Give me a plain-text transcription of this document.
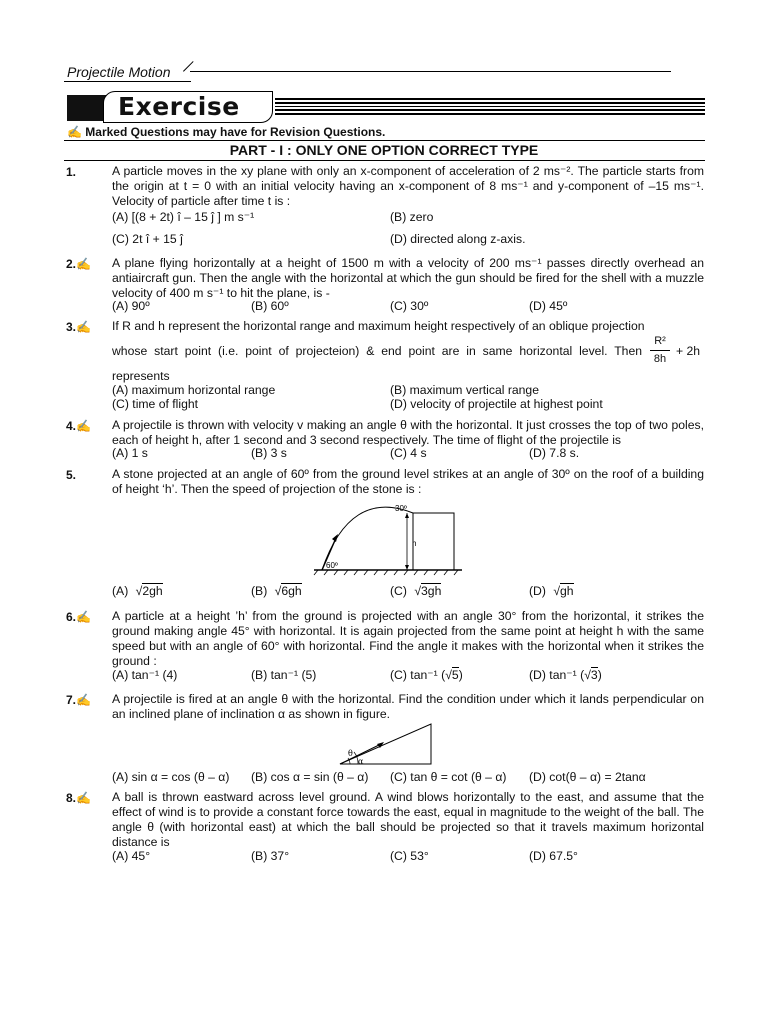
Projectile Motion
Exercise
✍ Marked Questions may have for Revision Questions.
PART - I : ONLY ONE OPTION CORRECT TYPE
1.	A particle moves in the xy plane with only an x-component of acceleration of 2 ms⁻². The particle starts from the origin at t = 0 with an initial velocity having an x-component of 8 ms⁻¹ and y-component of –15 ms⁻¹. Velocity of particle after time t is :
(A) [(8 + 2t) î – 15 ĵ ] m s⁻¹	(B) zero
(C) 2t î + 15 ĵ	(D) directed along z-axis.
2.✍ A plane flying horizontally at a height of 1500 m with a velocity of 200 ms⁻¹ passes directly overhead an antiaircraft gun. Then the angle with the horizontal at which the gun should be fired for the shell with a muzzle velocity of 400 m s⁻¹ to hit the plane, is -
(A) 90º	(B) 60º	(C) 30º	(D) 45º
3.✍ If R and h represent the horizontal range and maximum height respectively of an oblique projection
whose start point (i.e. point of projecteion) & end point are in same horizontal level. Then
R²
8h
+ 2h
represents
(A) maximum horizontal range	(B) maximum vertical range
(C) time of flight	(D) velocity of projectile at highest point
4.✍ A projectile is thrown with velocity v making an angle θ with the horizontal. It just crosses the top of two poles, each of height h, after 1 second and 3 second respectively. The time of flight of the projectile is
(A) 1 s	(B) 3 s	(C) 4 s	(D) 7.8 s.
5.	A stone projected at an angle of 60º from the ground level strikes at an angle of 30º on the roof of a building of height ‘h’. Then the speed of projection of the stone is :
h
30º
60º
(A) √2gh	(B) √6gh	(C) √3gh	(D) √gh
6.✍ A particle at a height ’h’ from the ground is projected with an angle 30° from the horizontal, it strikes the ground making angle 45° with horizontal. It is again projected from the same point at height h with the same speed but with an angle of 60° with horizontal. Find the angle it makes with the horizontal when it strikes the ground :
(A) tan⁻¹ (4)	(B) tan⁻¹ (5)	(C) tan⁻¹ (√5)	(D) tan⁻¹ (√3)
7.✍ A projectile is fired at an angle θ with the horizontal. Find the condition under which it lands perpendicular on an inclined plane of inclination α as shown in figure.
θ
α
(A) sin α = cos (θ – α) (B) cos α = sin (θ – α) (C) tan θ = cot (θ – α) (D) cot(θ – α) = 2tanα
8.✍ A ball is thrown eastward across level ground. A wind blows horizontally to the east, and assume that the effect of wind is to provide a constant force towards the east, equal in magnitude to the weight of the ball. The angle θ (with horizontal east) at which the ball should be projected so that it travels maximum horizontal distance is
(A) 45°	(B) 37°	(C) 53°	(D) 67.5°
